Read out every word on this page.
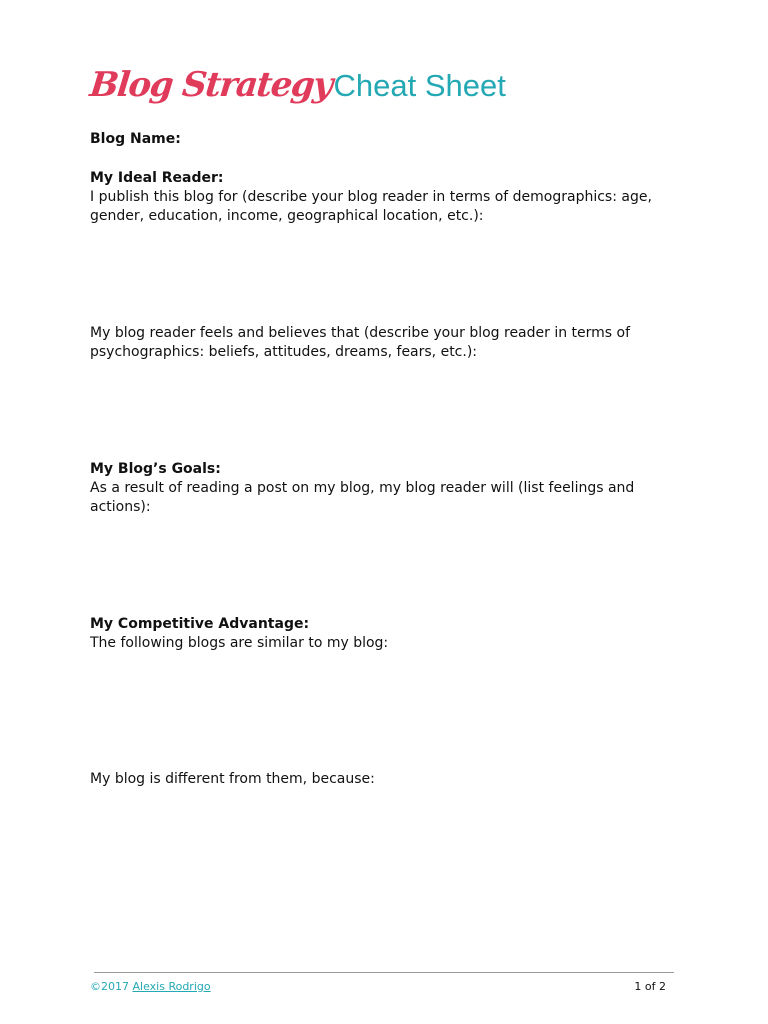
Blog StrategyCheat Sheet
Blog Name:
My Ideal Reader:
I publish this blog for (describe your blog reader in terms of demographics: age, gender, education, income, geographical location, etc.):
My blog reader feels and believes that (describe your blog reader in terms of psychographics: beliefs, attitudes, dreams, fears, etc.):
My Blog’s Goals:
As a result of reading a post on my blog, my blog reader will (list feelings and actions):
My Competitive Advantage:
The following blogs are similar to my blog:
My blog is different from them, because:
©2017 Alexis Rodrigo	1 of 2
